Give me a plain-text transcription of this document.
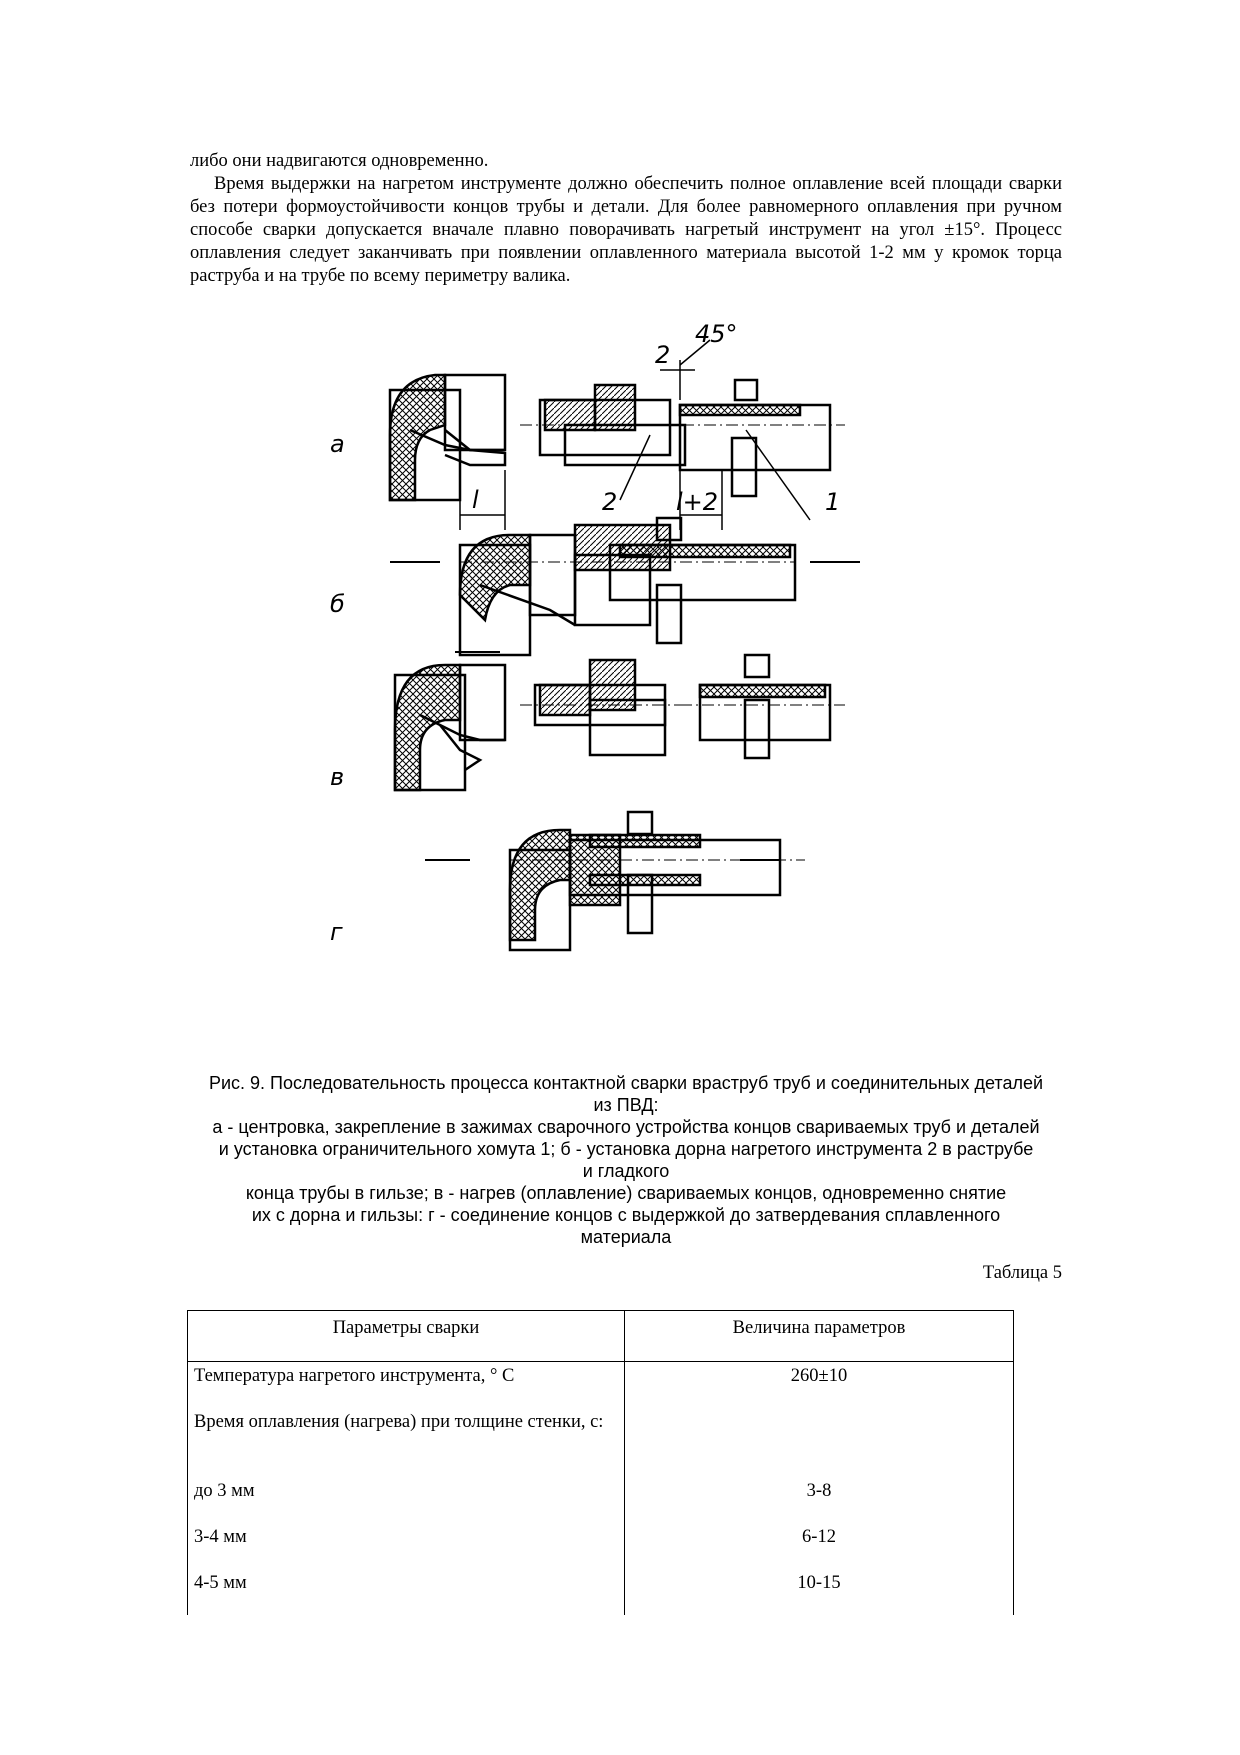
либо они надвигаются одновременно.
Время выдержки на нагретом инструменте должно обеспечить полное оплавление всей площади сварки без потери формоустойчивости концов трубы и детали. Для более равномерного оплавления при ручном способе сварки допускается вначале плавно поворачивать нагретый инструмент на угол ±15°. Процесс оплавления следует заканчивать при появлении оплавленного материала высотой 1-2 мм у кромок торца раструба и на трубе по всему периметру валика.
а
l	2 l+2	1
2
45°
б
в
г
Рис. 9. Последовательность процесса контактной сварки враструб труб и соединительных деталей
из ПВД:
а - центровка, закрепление в зажимах сварочного устройства концов свариваемых труб и деталей
и установка ограничительного хомута 1; б - установка дорна нагретого инструмента 2 в раструбе
и гладкого
конца трубы в гильзе; в - нагрев (оплавление) свариваемых концов, одновременно снятие
их с дорна и гильзы: г - соединение концов с выдержкой до затвердевания сплавленного
материала
Таблица 5
Параметры сварки	Величина параметров
Температура нагретого инструмента, ° С	260±10
Время оплавления (нагрева) при толщине стенки, с:	
до 3 мм	3-8
3-4 мм	6-12
4-5 мм	10-15
